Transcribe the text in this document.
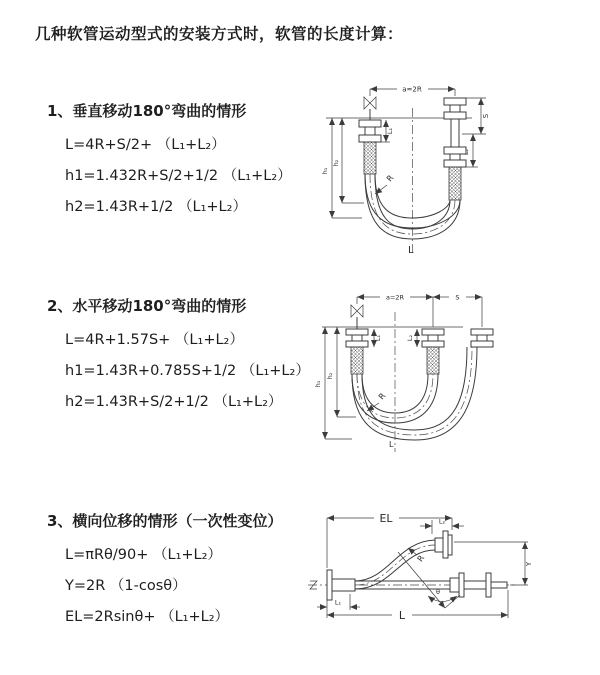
几种软管运动型式的安装方式时，软管的长度计算：
1、垂直移动180°弯曲的情形
L=4R+S/2+ （L₁+L₂）
h1=1.432R+S/2+1/2 （L₁+L₂）
h2=1.43R+1/2 （L₁+L₂）
a=2R
h₁
h₂
L₁
S
L₂
R
L
2、水平移动180°弯曲的情形
L=4R+1.57S+ （L₁+L₂）
h1=1.43R+0.785S+1/2 （L₁+L₂）
h2=1.43R+S/2+1/2 （L₁+L₂）
a=2R	S
h₁
h₂
L₁	L₂
R
L
3、横向位移的情形（一次性变位）
L=πRθ/90+ （L₁+L₂）
Y=2R （1-cosθ）
EL=2Rsinθ+ （L₁+L₂）
EL	L₂
Y
θ
R
L
L₁
